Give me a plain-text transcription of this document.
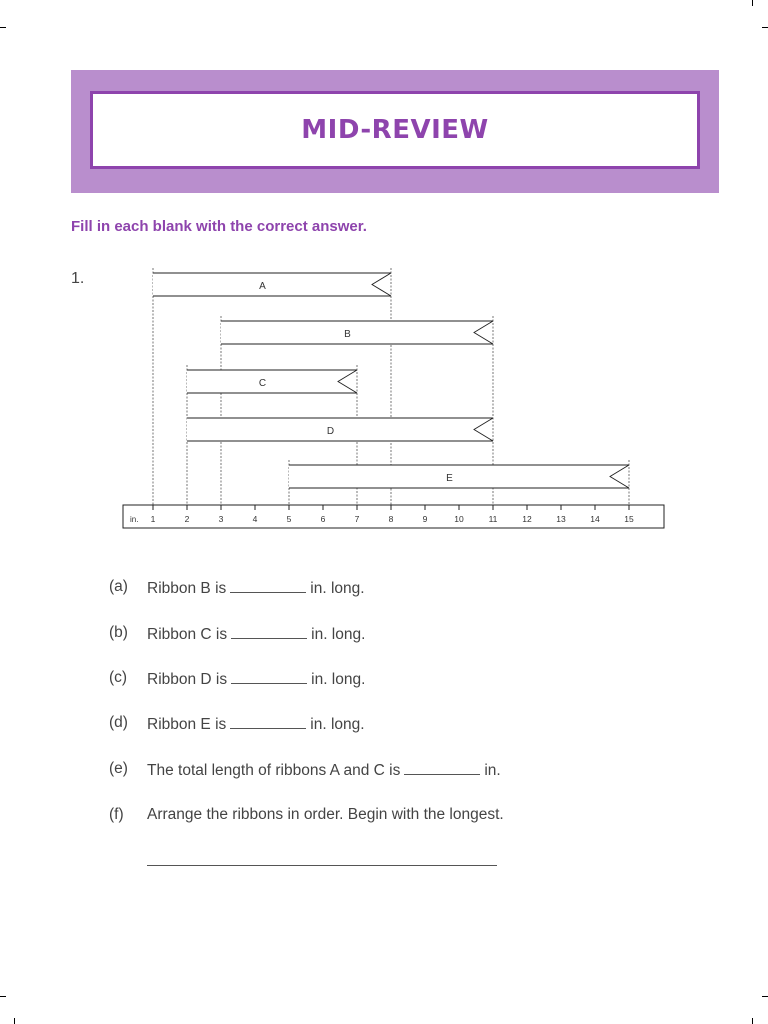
MID-REVIEW
Fill in each blank with the correct answer.
1.
in. 1	2	3	4	5	6	7	8	9	10	11	12	13	14	15
A
B
C
D
E
(a)	Ribbon B is	in. long.
(b)	Ribbon C is	in. long.
(c)	Ribbon D is	in. long.
(d)	Ribbon E is	in. long.
(e)	The total length of ribbons A and C is	in.
(f)	Arrange the ribbons in order. Begin with the longest.
